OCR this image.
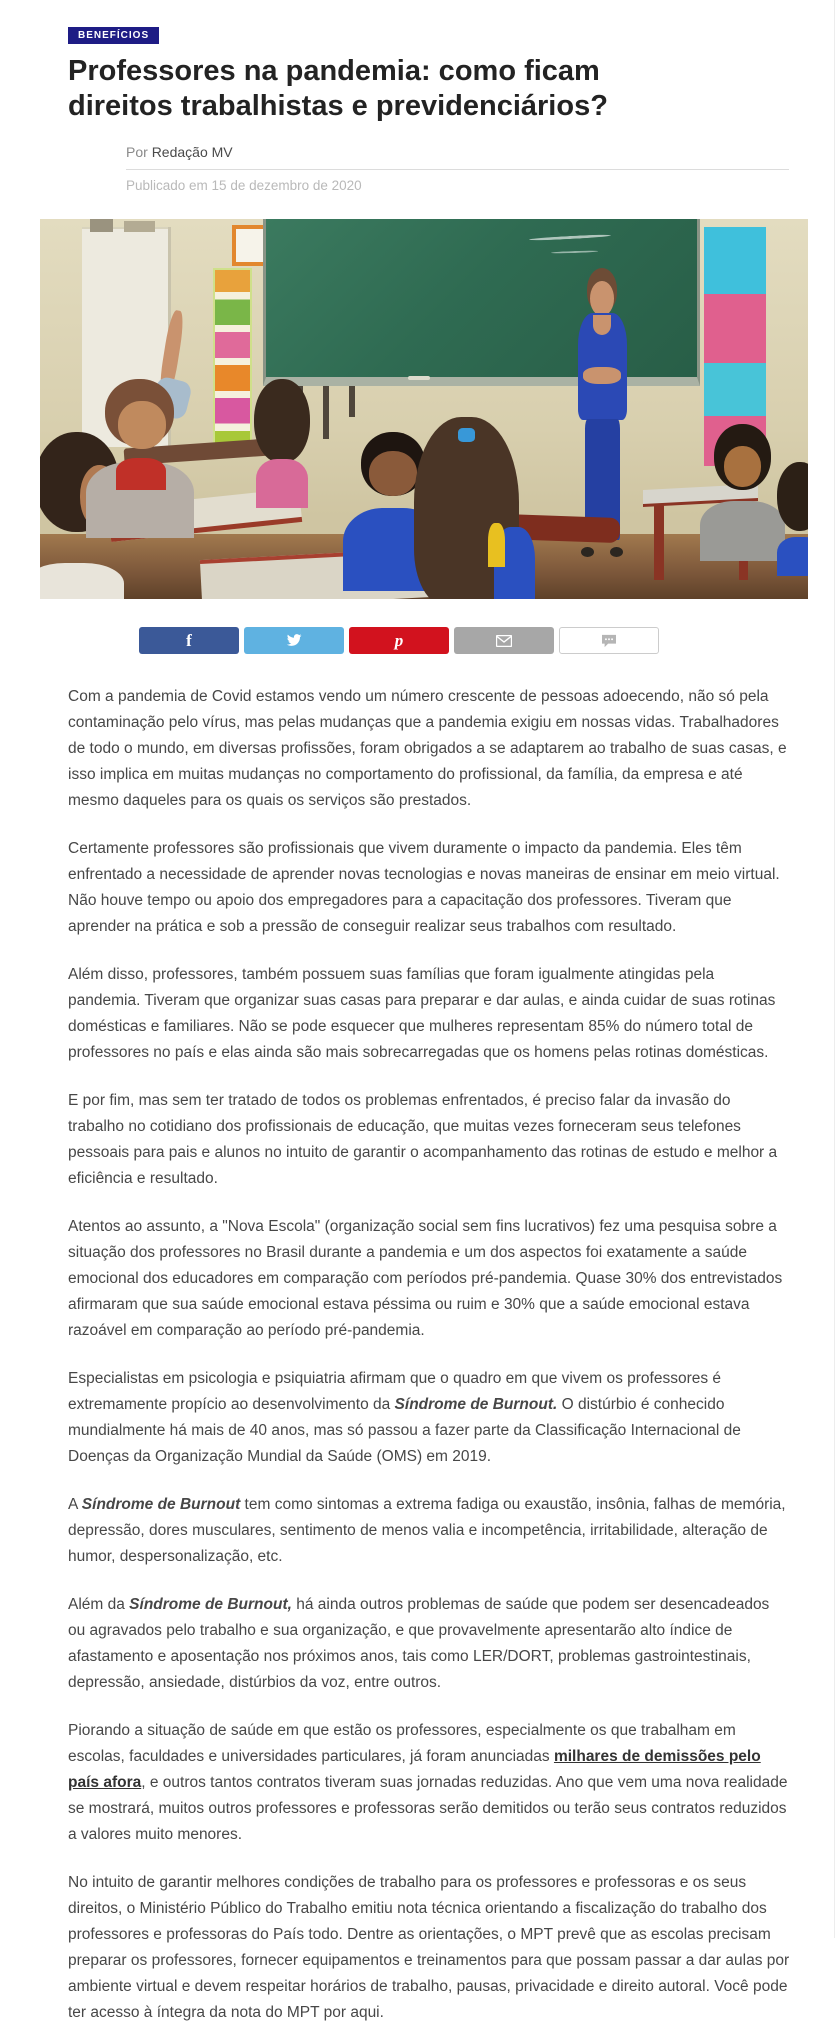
BENEFÍCIOS
Professores na pandemia: como ficam direitos trabalhistas e previdenciários?
Por Redação MV
Publicado em 15 de dezembro de 2020
f	p

Com a pandemia de Covid estamos vendo um número crescente de pessoas adoecendo, não só pela contaminação pelo vírus, mas pelas mudanças que a pandemia exigiu em nossas vidas. Trabalhadores de todo o mundo, em diversas profissões, foram obrigados a se adaptarem ao trabalho de suas casas, e isso implica em muitas mudanças no comportamento do profissional, da família, da empresa e até mesmo daqueles para os quais os serviços são prestados.

Certamente professores são profissionais que vivem duramente o impacto da pandemia. Eles têm enfrentado a necessidade de aprender novas tecnologias e novas maneiras de ensinar em meio virtual. Não houve tempo ou apoio dos empregadores para a capacitação dos professores. Tiveram que aprender na prática e sob a pressão de conseguir realizar seus trabalhos com resultado.

Além disso, professores, também possuem suas famílias que foram igualmente atingidas pela pandemia. Tiveram que organizar suas casas para preparar e dar aulas, e ainda cuidar de suas rotinas domésticas e familiares. Não se pode esquecer que mulheres representam 85% do número total de professores no país e elas ainda são mais sobrecarregadas que os homens pelas rotinas domésticas.

E por fim, mas sem ter tratado de todos os problemas enfrentados, é preciso falar da invasão do trabalho no cotidiano dos profissionais de educação, que muitas vezes forneceram seus telefones pessoais para pais e alunos no intuito de garantir o acompanhamento das rotinas de estudo e melhor a eficiência e resultado.

Atentos ao assunto, a "Nova Escola" (organização social sem fins lucrativos) fez uma pesquisa sobre a situação dos professores no Brasil durante a pandemia e um dos aspectos foi exatamente a saúde emocional dos educadores em comparação com períodos pré-pandemia. Quase 30% dos entrevistados afirmaram que sua saúde emocional estava péssima ou ruim e 30% que a saúde emocional estava razoável em comparação ao período pré-pandemia.

Especialistas em psicologia e psiquiatria afirmam que o quadro em que vivem os professores é extremamente propício ao desenvolvimento da Síndrome de Burnout. O distúrbio é conhecido mundialmente há mais de 40 anos, mas só passou a fazer parte da Classificação Internacional de Doenças da Organização Mundial da Saúde (OMS) em 2019.

A Síndrome de Burnout tem como sintomas a extrema fadiga ou exaustão, insônia, falhas de memória, depressão, dores musculares, sentimento de menos valia e incompetência, irritabilidade, alteração de humor, despersonalização, etc.

Além da Síndrome de Burnout, há ainda outros problemas de saúde que podem ser desencadeados ou agravados pelo trabalho e sua organização, e que provavelmente apresentarão alto índice de afastamento e aposentação nos próximos anos, tais como LER/DORT, problemas gastrointestinais, depressão, ansiedade, distúrbios da voz, entre outros.

Piorando a situação de saúde em que estão os professores, especialmente os que trabalham em escolas, faculdades e universidades particulares, já foram anunciadas milhares de demissões pelo país afora, e outros tantos contratos tiveram suas jornadas reduzidas. Ano que vem uma nova realidade se mostrará, muitos outros professores e professoras serão demitidos ou terão seus contratos reduzidos a valores muito menores.

No intuito de garantir melhores condições de trabalho para os professores e professoras e os seus direitos, o Ministério Público do Trabalho emitiu nota técnica orientando a fiscalização do trabalho dos professores e professoras do País todo. Dentre as orientações, o MPT prevê que as escolas precisam preparar os professores, fornecer equipamentos e treinamentos para que possam passar a dar aulas por ambiente virtual e devem respeitar horários de trabalho, pausas, privacidade e direito autoral. Você pode ter acesso à íntegra da nota do MPT por aqui.
